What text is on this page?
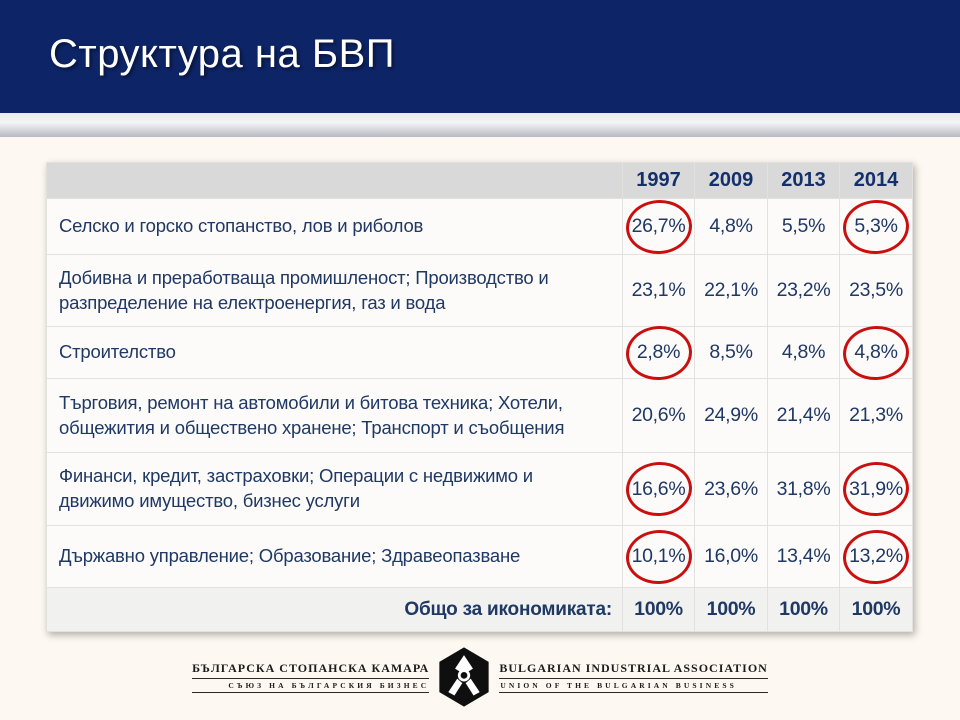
Структура на БВП
	1997	2009	2013	2014
Селско и горско стопанство, лов и риболов	26,7%	4,8%	5,5%	5,3%

Добивна и преработваща промишленост; Производство и разпределение на електроенергия, газ и вода	23,1%	22,1%	23,2%	23,5%
Строителство	2,8%	8,5%	4,8%	4,8%

Търговия, ремонт на автомобили и битова техника; Хотели, общежития и обществено хранене; Транспорт и съобщения	20,6%	24,9%	21,4%	21,3%
Финанси, кредит, застраховки; Операции с недвижимо и движимо имущество, бизнес услуги	16,6%	23,6%	31,8%	31,9%

Държавно управление; Образование; Здравеопазване	10,1%	16,0%	13,4%	13,2%

Общо за икономиката:	100%	100%	100%	100%
БЪЛГАРСКА СТОПАНСКА КАМАРА
СЪЮЗ НА БЪЛГАРСКИЯ БИЗНЕС
BULGARIAN INDUSTRIAL ASSOCIATION
UNION OF THE BULGARIAN BUSINESS
